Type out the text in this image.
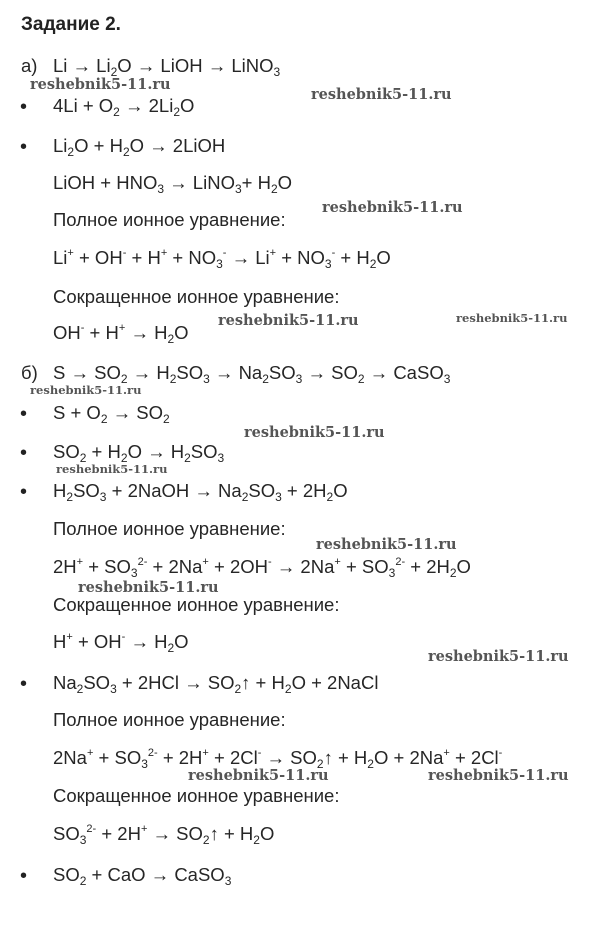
Задание 2.
а) $Li \to Li_2O$ → LiOH → LiNO$_3$
• $4Li + O_2 \to 2Li_2O$
• $Li_2O + H_2O$ → 2LiOH
LiOH + $HNO_3$ → LiNO$_3$+ $H_2O$
Полное ионное уравнение:
$Li^+ + OH^- + H^+ + NO_3^- \to Li^+ + NO_3^- + H_2O$
Сокращенное ионное уравнение:
$OH^- + H^+ \to H_2O$
б) $S \to SO_2 \to H_2SO_3 \to Na_2SO_3 \to SO_2$ → CaSO$_3$
• $S + O_2 \to SO_2$
• $SO_2 + H_2O \to H_2SO_3$
• $H_2SO_3$ + 2NaOH → $Na_2SO_3 + 2H_2O$
Полное ионное уравнение:
$2H^+ + SO_3^{2-} + 2Na^+ + 2OH^- \to 2Na^+ + SO_3^{2-} + 2H_2O$
Сокращенное ионное уравнение:
$H^+ + OH^- \to H_2O$
• $Na_2SO_3 + 2HCl$ → $SO_2↑ + H_2O$ + 2NaCl
Полное ионное уравнение:
$2Na^+ + SO_3^{2-} + 2H^+ + 2Cl^-$ → $SO_2↑ + H_2O + 2Na^+ + 2Cl^-$
Сокращенное ионное уравнение:
$SO_3^{2-} + 2H^+$ → $SO_2↑ + H_2O$
• $SO_2$ + CaO → CaSO$_3$
reshebnik5-11.ru
reshebnik5-11.ru
reshebnik5-11.ru
reshebnik5-11.ru	reshebnik5-11.ru
reshebnik5-11.ru
reshebnik5-11.ru
reshebnik5-11.ru
reshebnik5-11.ru
reshebnik5-11.ru
reshebnik5-11.ru
reshebnik5-11.ru	reshebnik5-11.ru
